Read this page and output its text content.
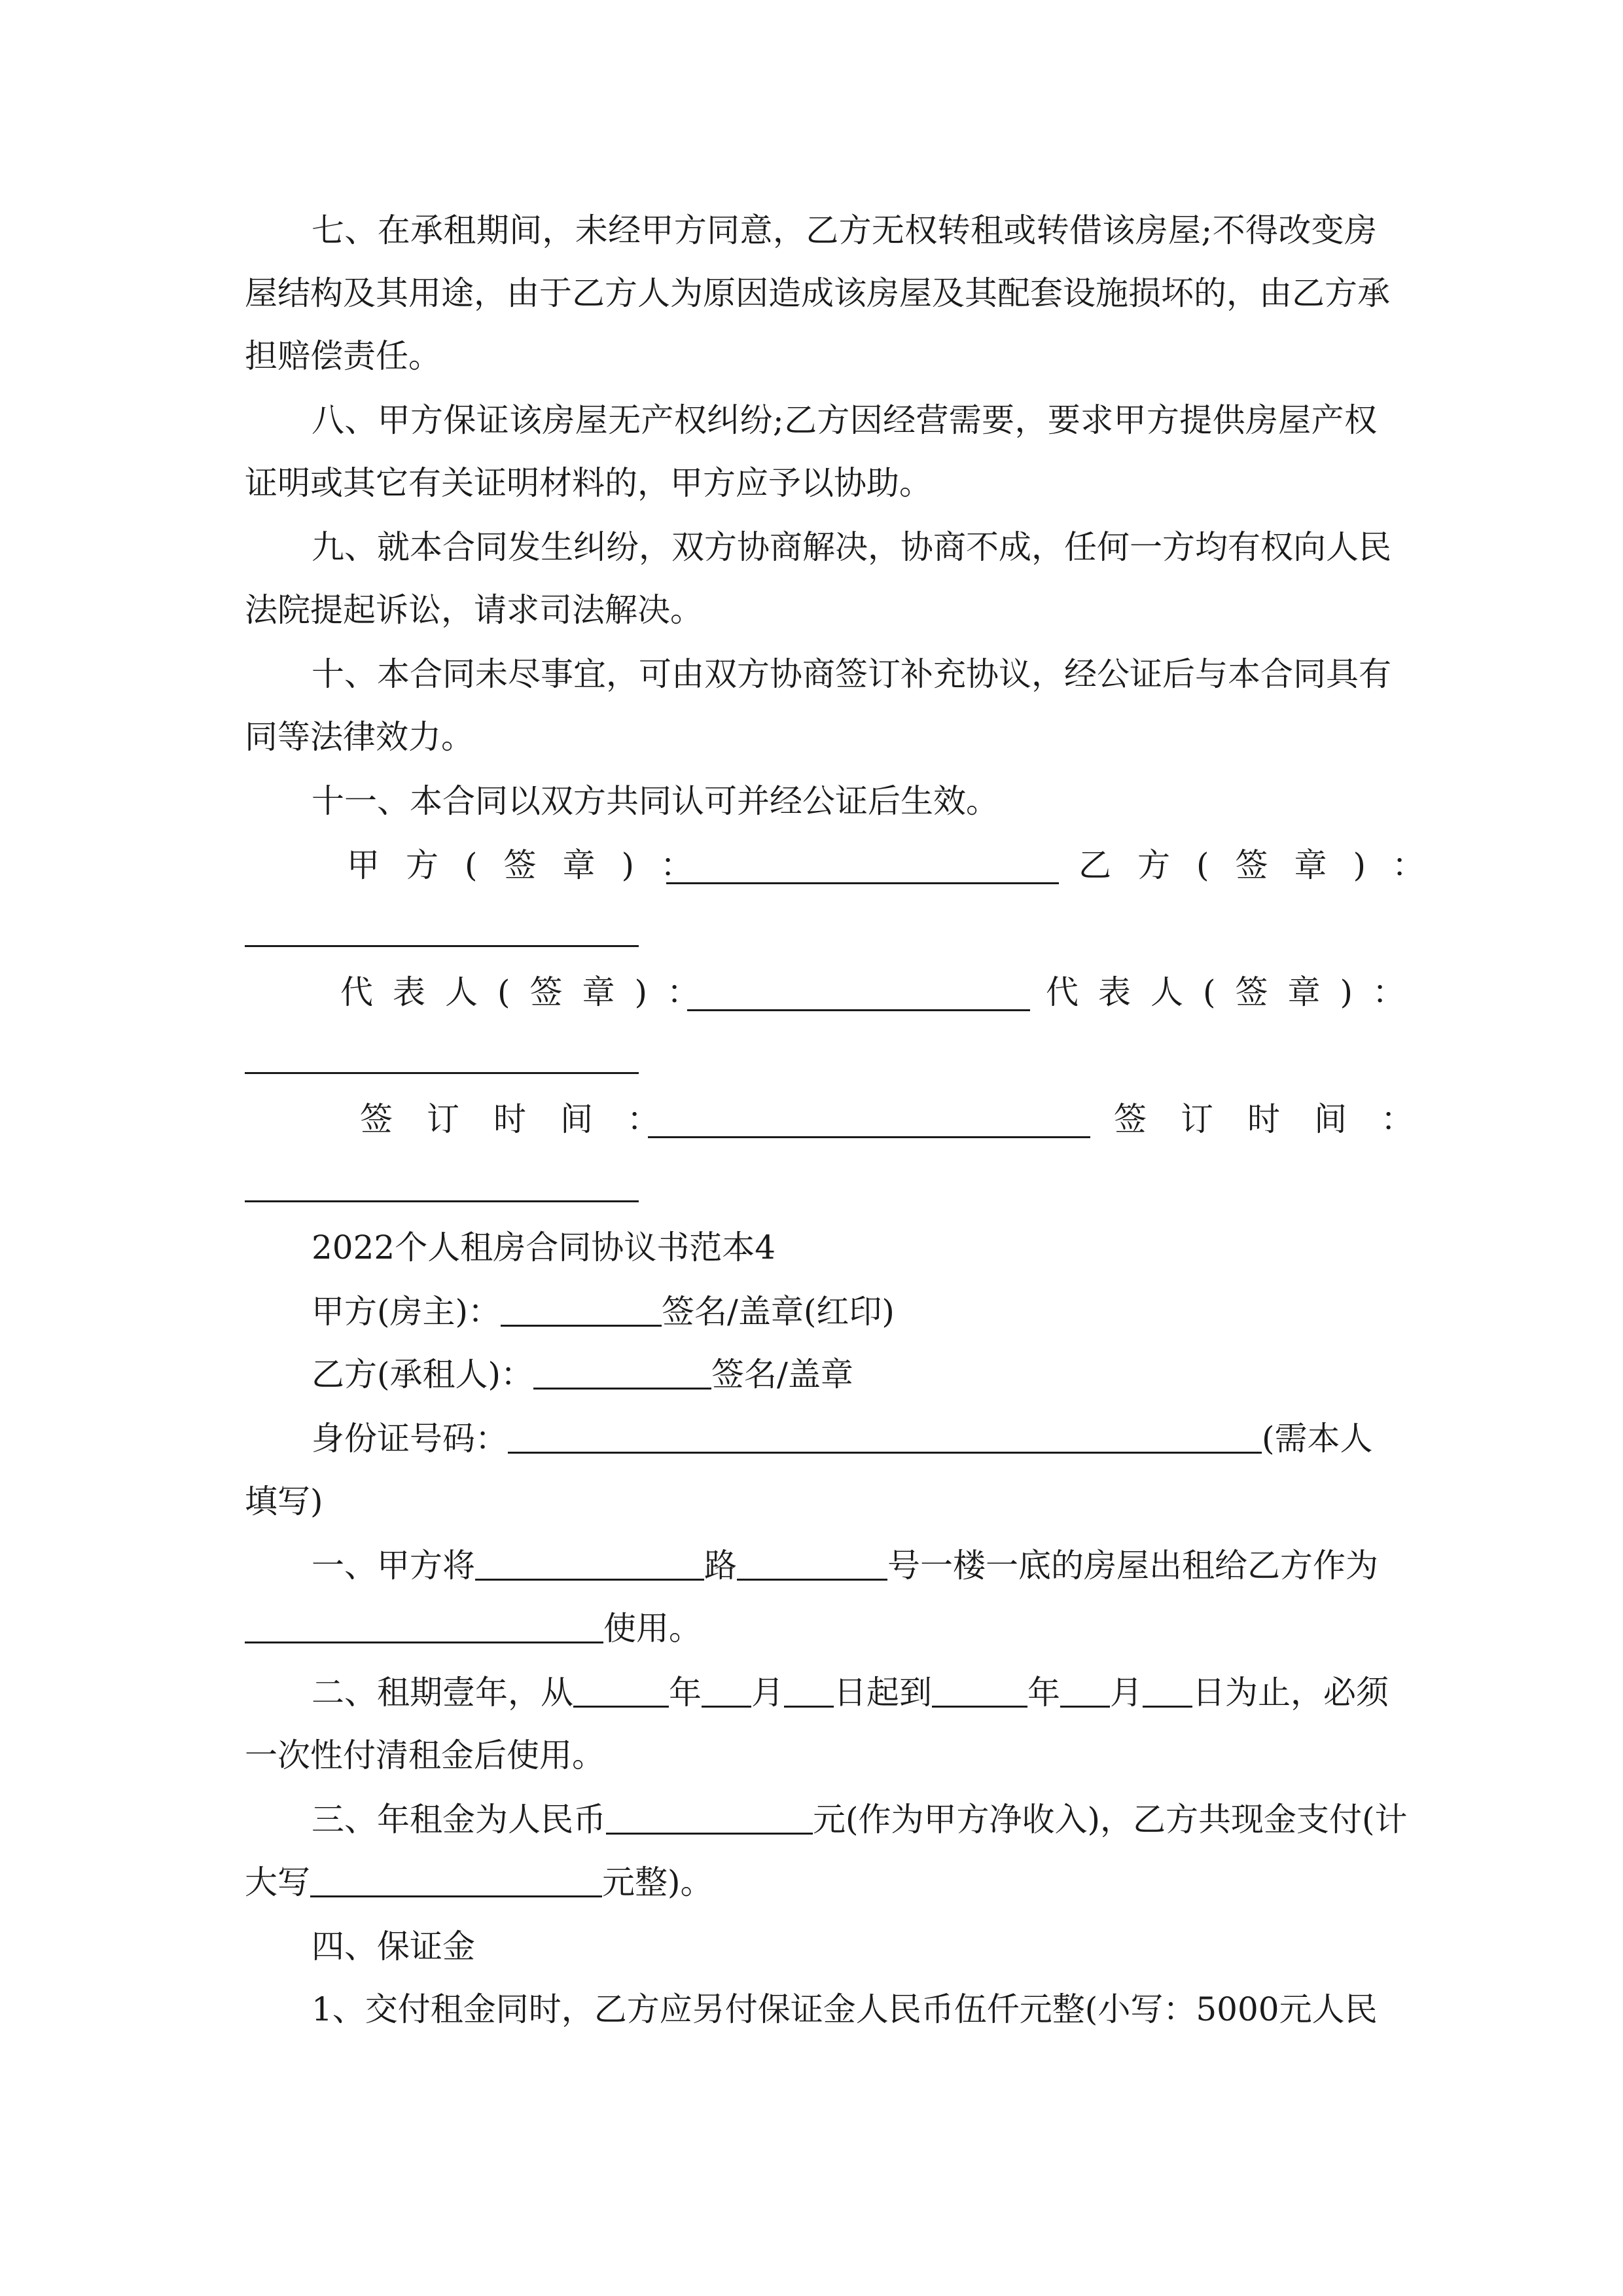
七、在承租期间，未经甲方同意，乙方无权转租或转借该房屋;不得改变房
屋结构及其用途，由于乙方人为原因造成该房屋及其配套设施损坏的，由乙方承
担赔偿责任。
八、甲方保证该房屋无产权纠纷;乙方因经营需要，要求甲方提供房屋产权
证明或其它有关证明材料的，甲方应予以协助。
九、就本合同发生纠纷，双方协商解决，协商不成，任何一方均有权向人民
法院提起诉讼，请求司法解决。
十、本合同未尽事宜，可由双方协商签订补充协议，经公证后与本合同具有
同等法律效力。
十一、本合同以双方共同认可并经公证后生效。
甲方(签章)：	乙方(签章)：
代表人(签章)：	代表人(签章)：
签订时间：	签订时间：
2022个人租房合同协议书范本4
甲方(房主)：	签名/盖章(红印)
乙方(承租人)：	签名/盖章
身份证号码：	(需本人
填写)
一、甲方将	路	号一楼一底的房屋出租给乙方作为
使用。
二、租期壹年，从	年 月 日起到	年 月 日为止，必须
一次性付清租金后使用。
三、年租金为人民币	元(作为甲方净收入)，乙方共现金支付(计
大写	元整)。
四、保证金
1、交付租金同时，乙方应另付保证金人民币伍仟元整(小写：5000元人民
